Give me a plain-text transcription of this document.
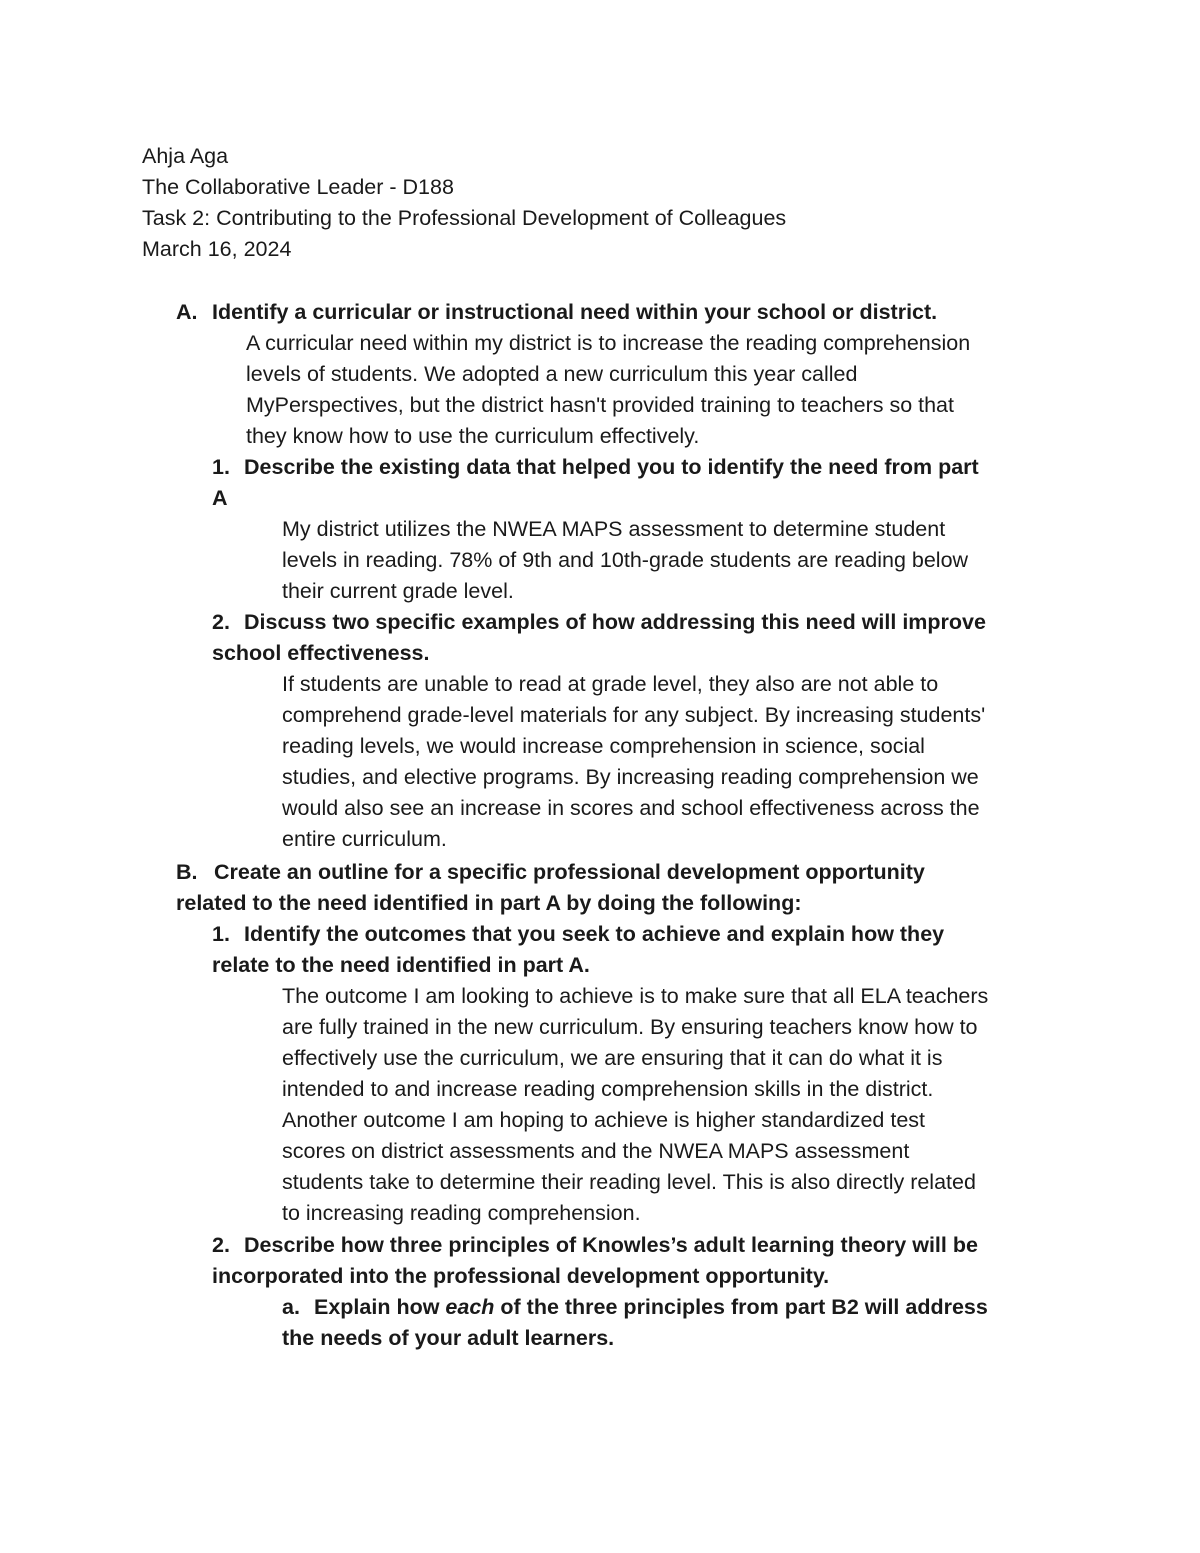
Ahja Aga
The Collaborative Leader - D188
Task 2: Contributing to the Professional Development of Colleagues
March 16, 2024
A. Identify a curricular or instructional need within your school or district.
A curricular need within my district is to increase the reading comprehension
levels of students. We adopted a new curriculum this year called
MyPerspectives, but the district hasn't provided training to teachers so that
they know how to use the curriculum effectively.
1. Describe the existing data that helped you to identify the need from part
A
My district utilizes the NWEA MAPS assessment to determine student
levels in reading. 78% of 9th and 10th-grade students are reading below
their current grade level.
2. Discuss two specific examples of how addressing this need will improve
school effectiveness.
If students are unable to read at grade level, they also are not able to
comprehend grade-level materials for any subject. By increasing students'
reading levels, we would increase comprehension in science, social
studies, and elective programs. By increasing reading comprehension we
would also see an increase in scores and school effectiveness across the
entire curriculum.
B. Create an outline for a specific professional development opportunity
related to the need identified in part A by doing the following:
1. Identify the outcomes that you seek to achieve and explain how they
relate to the need identified in part A.
The outcome I am looking to achieve is to make sure that all ELA teachers
are fully trained in the new curriculum. By ensuring teachers know how to
effectively use the curriculum, we are ensuring that it can do what it is
intended to and increase reading comprehension skills in the district.
Another outcome I am hoping to achieve is higher standardized test
scores on district assessments and the NWEA MAPS assessment
students take to determine their reading level. This is also directly related
to increasing reading comprehension.
2. Describe how three principles of Knowles’s adult learning theory will be
incorporated into the professional development opportunity.
a. Explain how each of the three principles from part B2 will address
the needs of your adult learners.
